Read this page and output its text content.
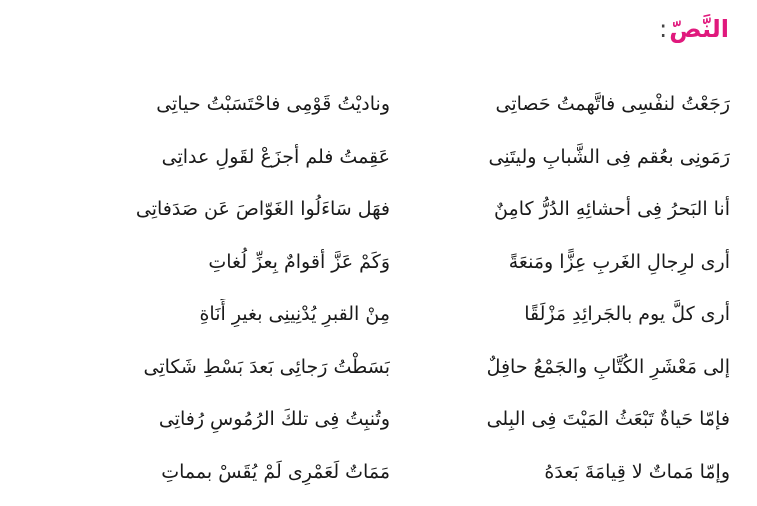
النَّصّ:
رَجَعْتُ لنفْسِى فاتَّهمتُ حَصاتِى
وناديْتُ قَوْمِى فاحْتَسَبْتُ حياتِى
رَمَونِى بعُقم فِى الشَّبابِ وليتَنِى
عَقِمتُ فلم أجزَعْ لقَولِ عداتِى
أنا البَحرُ فِى أحشائِهِ الدُرُّ كامِنٌ
فهَل سَاءَلُوا الغَوّاصَ عَن صَدَفاتِى
أرى لرِجالِ الغَربِ عِزًّا ومَنعَةً
وَكَمْ عَزَّ أقوامٌ بِعزِّ لُغاتِ
أرى كلَّ يوم بالجَرائِدِ مَزْلَقًا
مِنْ القبرِ يُدْنِينِى بغيرِ أَنَاةِ
إلى مَعْشَرِ الكُتَّابِ والجَمْعُ حافِلٌ
بَسَطْتُ رَجائِى بَعدَ بَسْطِ شَكاتِى
فإمّا حَياةٌ تَبْعَثُ المَيْتَ فِى البِلى
وتُنبِتُ فِى تلكَ الرُمُوسِ رُفاتِى
وإمّا مَماتٌ لا قِيامَةَ بَعدَهُ
مَمَاتٌ لَعَمْرِى لَمْ يُقَسْ بمماتِ
